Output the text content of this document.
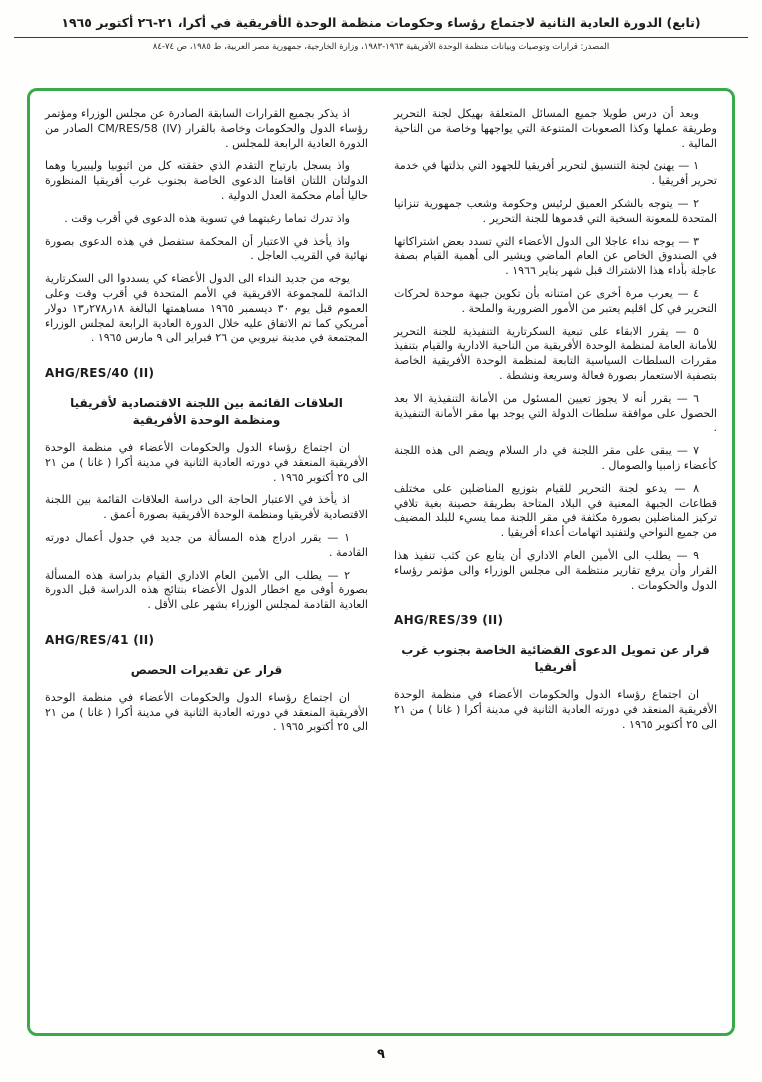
(تابع) الدورة العادية الثانية لاجتماع رؤساء وحكومات منظمة الوحدة الأفريقية في أكرا، ٢١-٢٦ أكتوبر ١٩٦٥
المصدر: قرارات وتوصيات وبيانات منظمة الوحدة الأفريقية ١٩٦٣-١٩٨٣، وزارة الخارجية، جمهورية مصر العربية، ط ١٩٨٥، ص ٧٤-٨٤
وبعد أن درس طويلا جميع المسائل المتعلقة بهيكل لجنة التحرير وطريقة عملها وكذا الصعوبات المتنوعة التي يواجهها وخاصة من الناحية المالية .
١ — يهنئ لجنة التنسيق لتحرير أفريقيا للجهود التي بذلتها في خدمة تحرير أفريقيا .
٢ — يتوجه بالشكر العميق لرئيس وحكومة وشعب جمهورية تنزانيا المتحدة للمعونة السخية التي قدموها للجنة التحرير .
٣ — يوجه نداء عاجلا الى الدول الأعضاء التي تسدد بعض اشتراكاتها في الصندوق الخاص عن العام الماضي ويشير الى أهمية القيام بصفة عاجلة بأداء هذا الاشتراك قبل شهر يناير ١٩٦٦ .
٤ — يعرب مرة أخرى عن امتنانه بأن تكوين جبهة موحدة لحركات التحرير في كل اقليم يعتبر من الأمور الضرورية والملحة .
٥ — يقرر الابقاء على تبعية السكرتارية التنفيذية للجنة التحرير للأمانة العامة لمنظمة الوحدة الأفريقية من الناحية الادارية والقيام بتنفيذ مقررات السلطات السياسية التابعة لمنظمة الوحدة الأفريقية الخاصة بتصفية الاستعمار بصورة فعالة وسريعة ونشطة .
٦ — يقرر أنه لا يجوز تعيين المسئول من الأمانة التنفيذية الا بعد الحصول على موافقة سلطات الدولة التي يوجد بها مقر الأمانة التنفيذية .
٧ — يبقى على مقر اللجنة في دار السلام ويضم الى هذه اللجنة كأعضاء زامبيا والصومال .
٨ — يدعو لجنة التحرير للقيام بتوزيع المناضلين على مختلف قطاعات الجبهة المعنية في البلاد المتاحة بطريقة حصينة بغية تلافي تركيز المناضلين بصورة مكثفة في مقر اللجنة مما يسيء للبلد المضيف من جميع النواحي ولتفنيد اتهامات أعداء أفريقيا .
٩ — يطلب الى الأمين العام الاداري أن يتابع عن كثب تنفيذ هذا القرار وأن يرفع تقارير منتظمة الى مجلس الوزراء والى مؤتمر رؤساء الدول والحكومات .
AHG/RES/39 (II)
قرار عن تمويل الدعوى القضائية الخاصة بجنوب غرب أفريقيا
ان اجتماع رؤساء الدول والحكومات الأعضاء في منظمة الوحدة الأفريقية المنعقد في دورته العادية الثانية في مدينة أكرا ( غانا ) من ٢١ الى ٢٥ أكتوبر ١٩٦٥ .
اذ يذكر بجميع القرارات السابقة الصادرة عن مجلس الوزراء ومؤتمر رؤساء الدول والحكومات وخاصة بالقرار CM/RES/58 (IV) الصادر من الدورة العادية الرابعة للمجلس .
واذ يسجل بارتياح التقدم الذي حققته كل من اثيوبيا وليبيريا وهما الدولتان اللتان اقامتا الدعوى الخاصة بجنوب غرب أفريقيا المنظورة حاليا أمام محكمة العدل الدولية .
واذ تدرك تماما رغبتهما في تسوية هذه الدعوى في أقرب وقت .
واذ يأخذ في الاعتبار أن المحكمة ستفصل في هذه الدعوى بصورة نهائية في القريب العاجل .
يوجه من جديد النداء الى الدول الأعضاء كي يسددوا الى السكرتارية الدائمة للمجموعة الافريقية في الأمم المتحدة في أقرب وقت وعلى العموم قبل يوم ٣٠ ديسمبر ١٩٦٥ مساهمتها البالغة ١٨ر٢٧٨ر١٣ دولار أمريكي كما تم الاتفاق عليه خلال الدورة العادية الرابعة لمجلس الوزراء المجتمعة في مدينة نيروبي من ٢٦ فبراير الى ٩ مارس ١٩٦٥ .
AHG/RES/40 (II)
العلاقات القائمة بين اللجنة الاقتصادية لأفريقيا ومنظمة الوحدة الأفريقية
ان اجتماع رؤساء الدول والحكومات الأعضاء في منظمة الوحدة الأفريقية المنعقد في دورته العادية الثانية في مدينة أكرا ( غانا ) من ٢١ الى ٢٥ أكتوبر ١٩٦٥ .
اذ يأخذ في الاعتبار الحاجة الى دراسة العلاقات القائمة بين اللجنة الاقتصادية لأفريقيا ومنظمة الوحدة الأفريقية بصورة أعمق .
١ — يقرر ادراج هذه المسألة من جديد في جدول أعمال دورته القادمة .
٢ — يطلب الى الأمين العام الاداري القيام بدراسة هذه المسألة بصورة أوفى مع اخطار الدول الأعضاء بنتائج هذه الدراسة قبل الدورة العادية القادمة لمجلس الوزراء بشهر على الأقل .
AHG/RES/41 (II)
قرار عن تقديرات الحصص
ان اجتماع رؤساء الدول والحكومات الأعضاء في منظمة الوحدة الأفريقية المنعقد في دورته العادية الثانية في مدينة أكرا ( غانا ) من ٢١ الى ٢٥ أكتوبر ١٩٦٥ .
٩
